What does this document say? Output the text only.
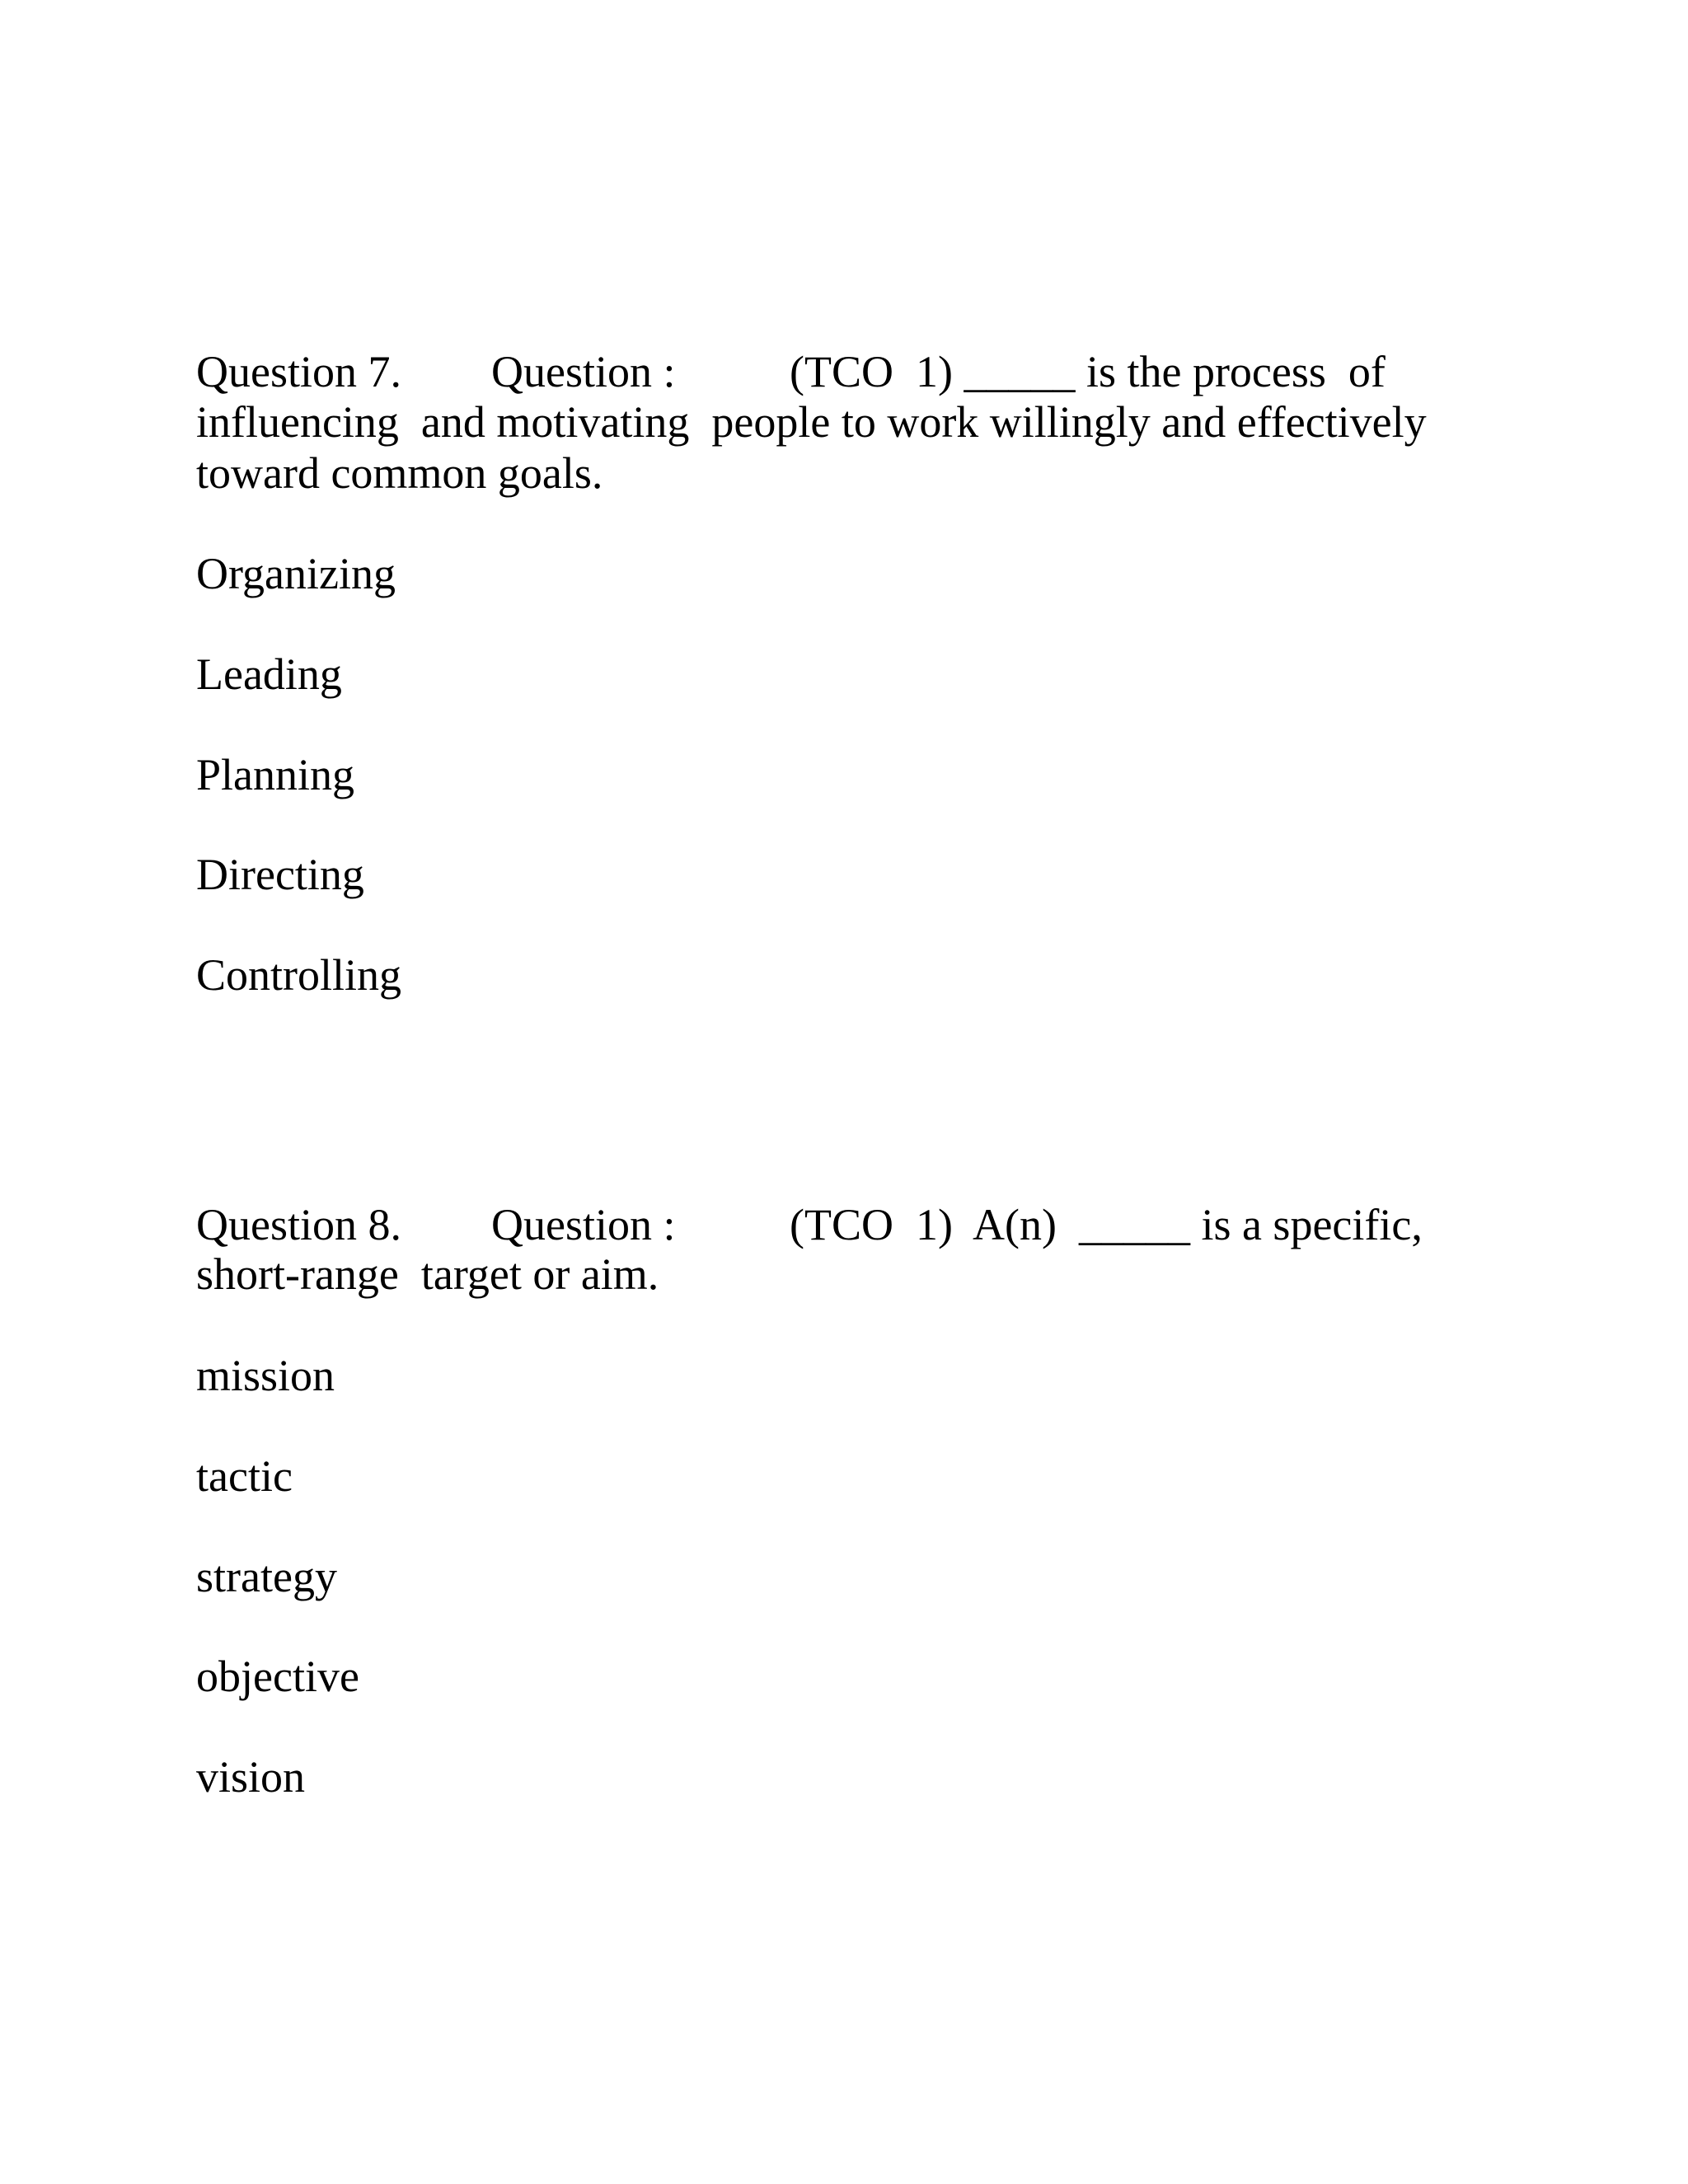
Question 7.

Question :

	(TCO  1) _____ is the process  of

influencing  and motivating  people to work willingly and effectively
toward common goals.
Organizing
Leading
Planning
Directing
Controlling

Question 8.

Question :

	(TCO  1)  A(n)  _____ is a specific,

short-range  target or aim.
mission
tactic
strategy
objective
vision
